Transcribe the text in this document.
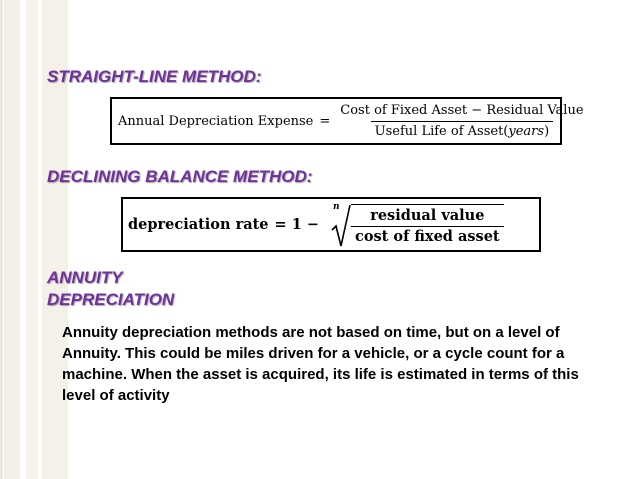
STRAIGHT-LINE METHOD:
Annual Depreciation Expense = $\frac{\text{Cost of Fixed Asset − Residual Value}}{\text{Useful Life of Asset(years)}}$
DECLINING BALANCE METHOD:
depreciation rate = 1 −
n $\frac{\text{residual value}}{\text{cost of fixed asset}}$
ANNUITY
DEPRECIATION

Annuity depreciation methods are not based on time, but on a level of Annuity. This could be miles driven for a vehicle, or a cycle count for a machine. When the asset is acquired, its life is estimated in terms of this level of activity
